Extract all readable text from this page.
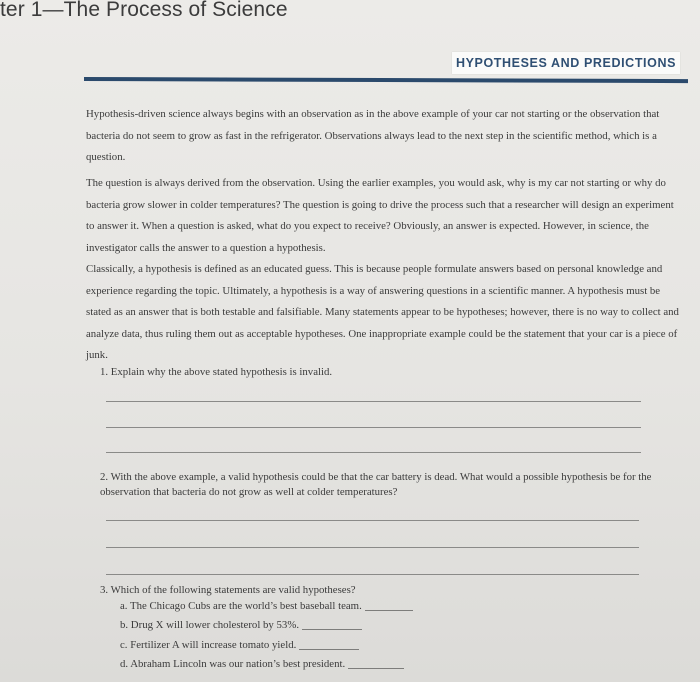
ter 1—The Process of Science
HYPOTHESES AND PREDICTIONS

Hypothesis-driven science always begins with an observation as in the above example of your car not starting or the observation that bacteria do not seem to grow as fast in the refrigerator. Observations always lead to the next step in the scientific method, which is a question.

The question is always derived from the observation. Using the earlier examples, you would ask, why is my car not starting or why do bacteria grow slower in colder temperatures? The question is going to drive the process such that a researcher will design an experiment to answer it. When a question is asked, what do you expect to receive? Obviously, an answer is expected. However, in science, the investigator calls the answer to a question a hypothesis.

Classically, a hypothesis is defined as an educated guess. This is because people formulate answers based on personal knowledge and experience regarding the topic. Ultimately, a hypothesis is a way of answering questions in a scientific manner. A hypothesis must be stated as an answer that is both testable and falsifiable. Many statements appear to be hypotheses; however, there is no way to collect and analyze data, thus ruling them out as acceptable hypotheses. One inappropriate example could be the statement that your car is a piece of junk.

1. Explain why the above stated hypothesis is invalid.

2. With the above example, a valid hypothesis could be that the car battery is dead. What would a possible hypothesis be for the observation that bacteria do not grow as well at colder temperatures?

3. Which of the following statements are valid hypotheses?

a. The Chicago Cubs are the world’s best baseball team.
b. Drug X will lower cholesterol by 53%.
c. Fertilizer A will increase tomato yield.
d. Abraham Lincoln was our nation’s best president.
